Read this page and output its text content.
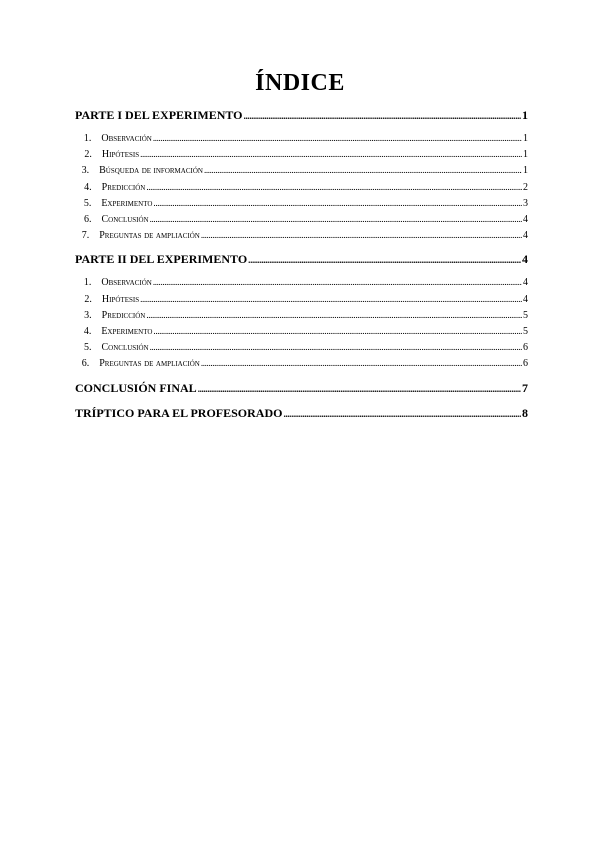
ÍNDICE
PARTE I DEL EXPERIMENTO . . .	1
1.	Observación . . .	1
2.	Hipótesis . . .	1
3.	Búsqueda de información . . .	1
4.	Predicción . . .	2
5.	Experimento . . .	3
6.	Conclusión . . .	4
7.	Preguntas de ampliación . . .	4
PARTE II DEL EXPERIMENTO . . .	4
1.	Observación . . .	4
2.	Hipótesis . . .	4
3.	Predicción . . .	5
4.	Experimento . . .	5
5.	Conclusión . . .	6
6.	Preguntas de ampliación . . .	6
CONCLUSIÓN FINAL . . .	7
TRÍPTICO PARA EL PROFESORADO . . .	8
